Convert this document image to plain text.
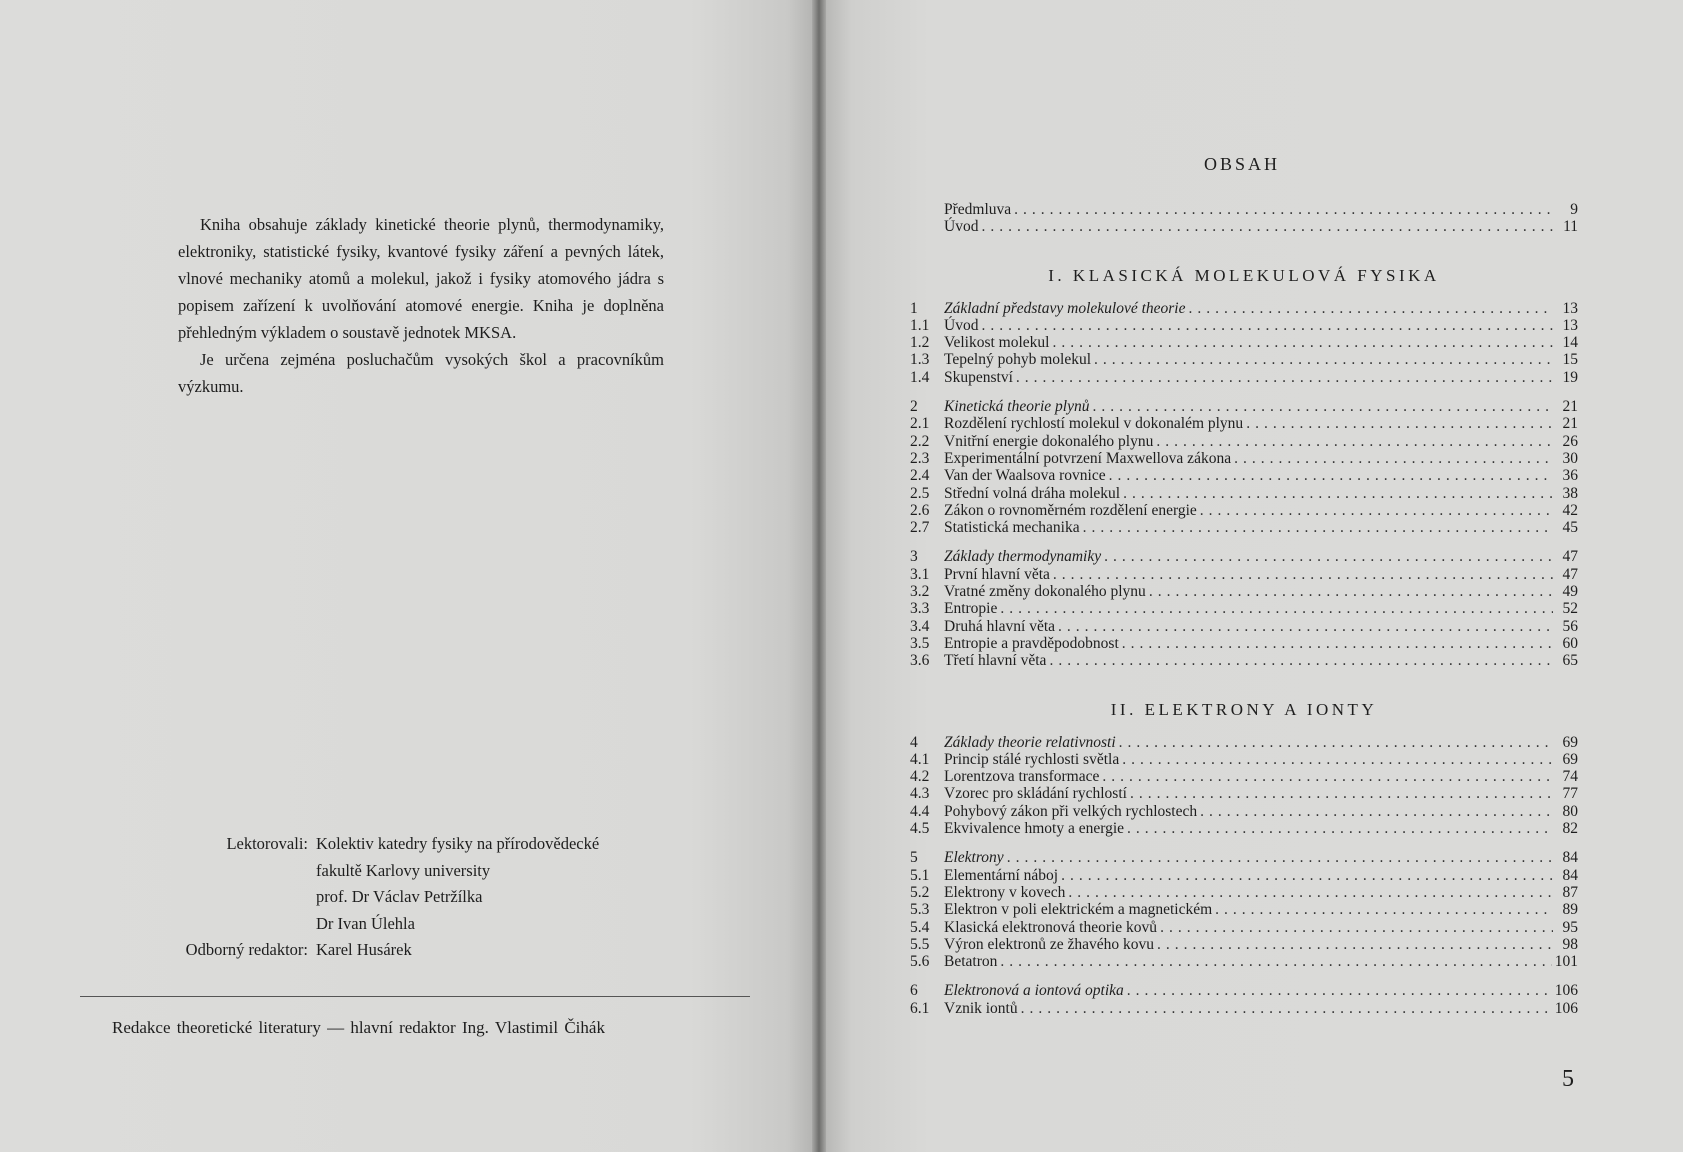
Kniha obsahuje základy kinetické theorie plynů, thermodynamiky, elektroniky, statistické fysiky, kvantové fysiky záření a pevných látek, vlnové mechaniky atomů a molekul, jakož i fysiky atomového jádra s popisem zařízení k uvolňování atomové energie. Kniha je doplněna přehledným výkladem o soustavě jednotek MKSA.

Je určena zejména posluchačům vysokých škol a pracovníkům výzkumu.

Lektorovali: Kolektiv katedry fysiky na přírodovědecké
fakultě Karlovy university
prof. Dr Václav Petržílka
Dr Ivan Úlehla
Odborný redaktor: Karel Husárek
Redakce theoretické literatury — hlavní redaktor Ing. Vlastimil Čihák
OBSAH
Předmluva .....	9
Úvod .....	11
I. KLASICKÁ MOLEKULOVÁ FYSIKA
1	Základní představy molekulové theorie .....	13
1.1 Úvod .....	13
1.2 Velikost molekul .....	14
1.3 Tepelný pohyb molekul .....	15
1.4 Skupenství .....	19
2	Kinetická theorie plynů .....	21
2.1 Rozdělení rychlostí molekul v dokonalém plynu .....	21
2.2 Vnitřní energie dokonalého plynu .....	26
2.3 Experimentální potvrzení Maxwellova zákona .....	30
2.4 Van der Waalsova rovnice .....	36
2.5 Střední volná dráha molekul .....	38
2.6 Zákon o rovnoměrném rozdělení energie .....	42
2.7 Statistická mechanika .....	45
3	Základy thermodynamiky .....	47
3.1 První hlavní věta .....	47
3.2 Vratné změny dokonalého plynu .....	49
3.3 Entropie .....	52
3.4 Druhá hlavní věta .....	56
3.5 Entropie a pravděpodobnost .....	60
3.6 Třetí hlavní věta .....	65
II. ELEKTRONY A IONTY
4	Základy theorie relativnosti .....	69
4.1 Princip stálé rychlosti světla .....	69
4.2 Lorentzova transformace .....	74
4.3 Vzorec pro skládání rychlostí .....	77
4.4 Pohybový zákon při velkých rychlostech .....	80
4.5 Ekvivalence hmoty a energie .....	82
5	Elektrony .....	84
5.1 Elementární náboj .....	84
5.2 Elektrony v kovech .....	87
5.3 Elektron v poli elektrickém a magnetickém .....	89
5.4 Klasická elektronová theorie kovů .....	95
5.5 Výron elektronů ze žhavého kovu .....	98
5.6 Betatron .....	101
6	Elektronová a iontová optika .....	106
6.1 Vznik iontů .....	106
5
